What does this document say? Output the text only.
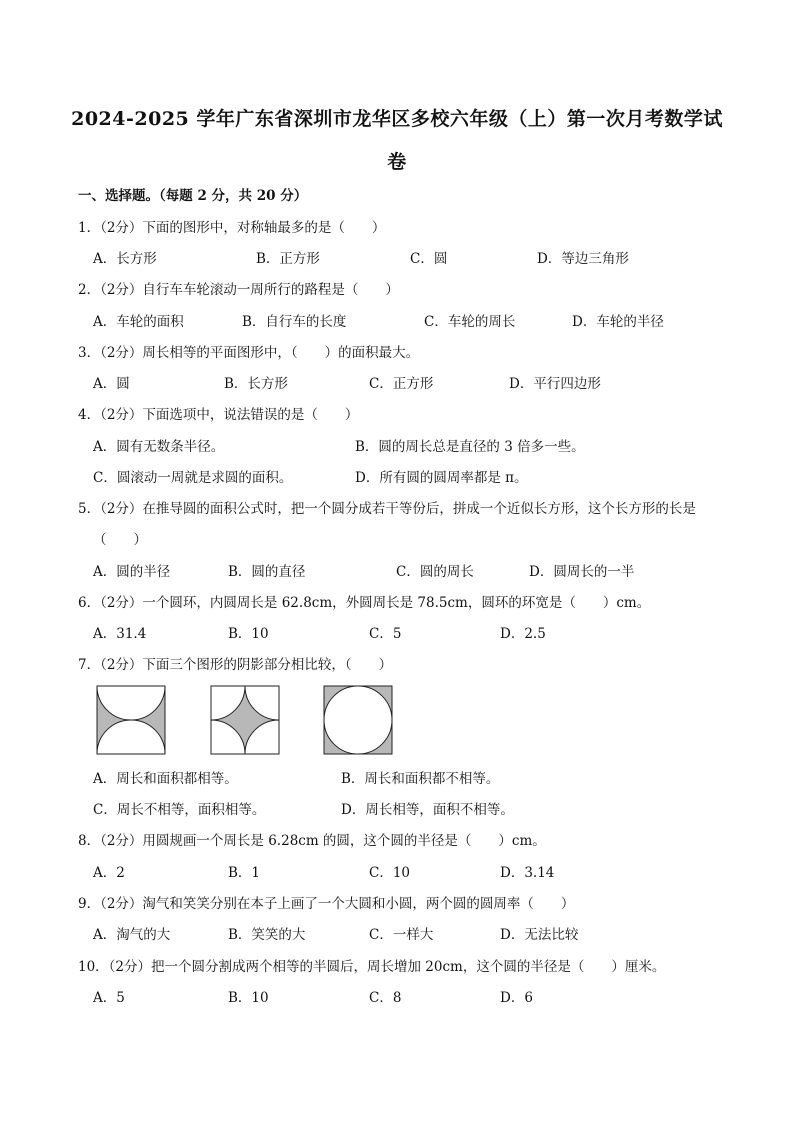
2024-2025 学年广东省深圳市龙华区多校六年级（上）第一次月考数学试
卷
一、选择题。（每题 2 分，共 20 分）
1．（2分）下面的图形中，对称轴最多的是（　　）
A．长方形	B．正方形	C．圆	D．等边三角形
2．（2分）自行车车轮滚动一周所行的路程是（　　）
A．车轮的面积	B．自行车的长度	C．车轮的周长	D．车轮的半径
3．（2分）周长相等的平面图形中，（　　）的面积最大。
A．圆	B．长方形	C．正方形	D．平行四边形
4．（2分）下面选项中，说法错误的是（　　）
A．圆有无数条半径。	B．圆的周长总是直径的 3 倍多一些。
C．圆滚动一周就是求圆的面积。	D．所有圆的圆周率都是 π。
5．（2分）在推导圆的面积公式时，把一个圆分成若干等份后，拼成一个近似长方形，这个长方形的长是
（　　）
A．圆的半径	B．圆的直径	C．圆的周长	D．圆周长的一半
6．（2分）一个圆环，内圆周长是 62.8cm，外圆周长是 78.5cm，圆环的环宽是（　　）cm。
A．31.4	B．10	C．5	D．2.5
7．（2分）下面三个图形的阴影部分相比较，（　　）
A．周长和面积都相等。	B．周长和面积都不相等。
C．周长不相等，面积相等。	D．周长相等，面积不相等。
8．（2分）用圆规画一个周长是 6.28cm 的圆，这个圆的半径是（　　）cm。
A．2	B．1	C．10	D．3.14
9．（2分）淘气和笑笑分别在本子上画了一个大圆和小圆，两个圆的圆周率（　　）
A．淘气的大	B．笑笑的大	C．一样大	D．无法比较
10．（2分）把一个圆分割成两个相等的半圆后，周长增加 20cm，这个圆的半径是（　　）厘米。
A．5	B．10	C．8	D．6
